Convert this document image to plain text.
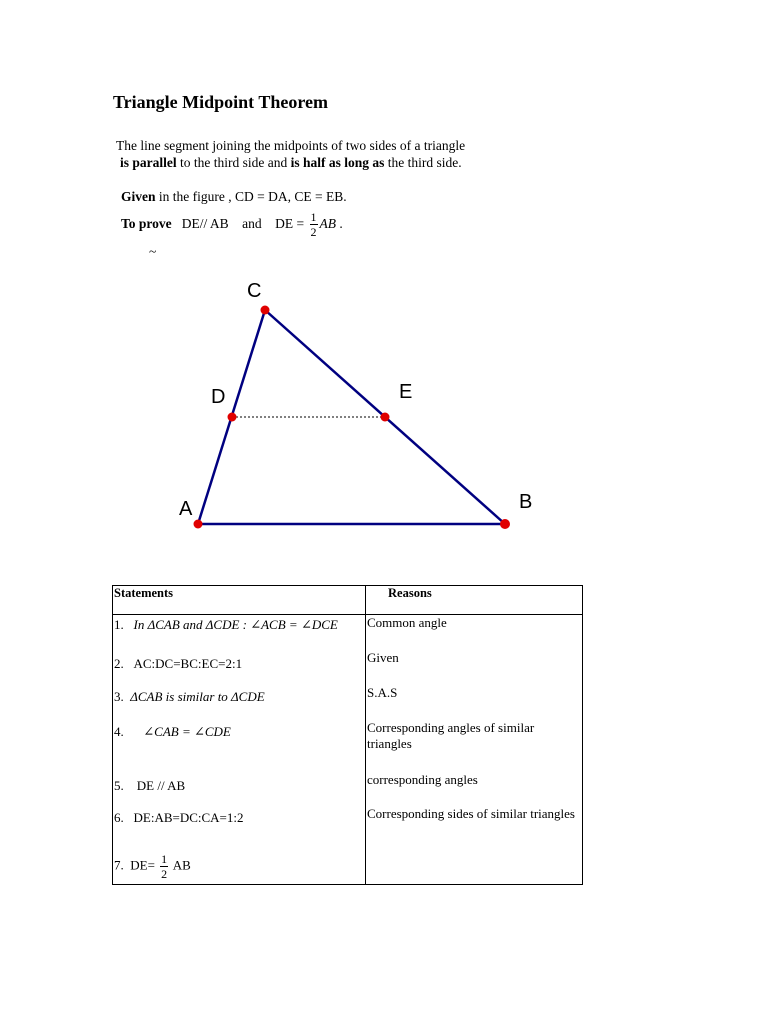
Triangle Midpoint Theorem
The line segment joining the midpoints of two sides of a triangle
is parallel to the third side and is half as long as the third side.
Given in the figure , CD = DA, CE = EB.
To prove DE// AB and DE = $\frac{1}{2}$ AB .
~
C
D	E
A	B
Statements	Reasons
1. In ΔCAB and ΔCDE : ∠ACB = ∠DCE	Common angle
2. AC:DC=BC:EC=2:1	Given
3. ΔCAB is similar to ΔCDE	S.A.S
4. ∠CAB = ∠CDE	Corresponding angles of similar triangles
5. DE // AB	corresponding angles
6. DE:AB=DC:CA=1:2	Corresponding sides of similar triangles
7. $DE= \frac{1}{2}$ AB	
